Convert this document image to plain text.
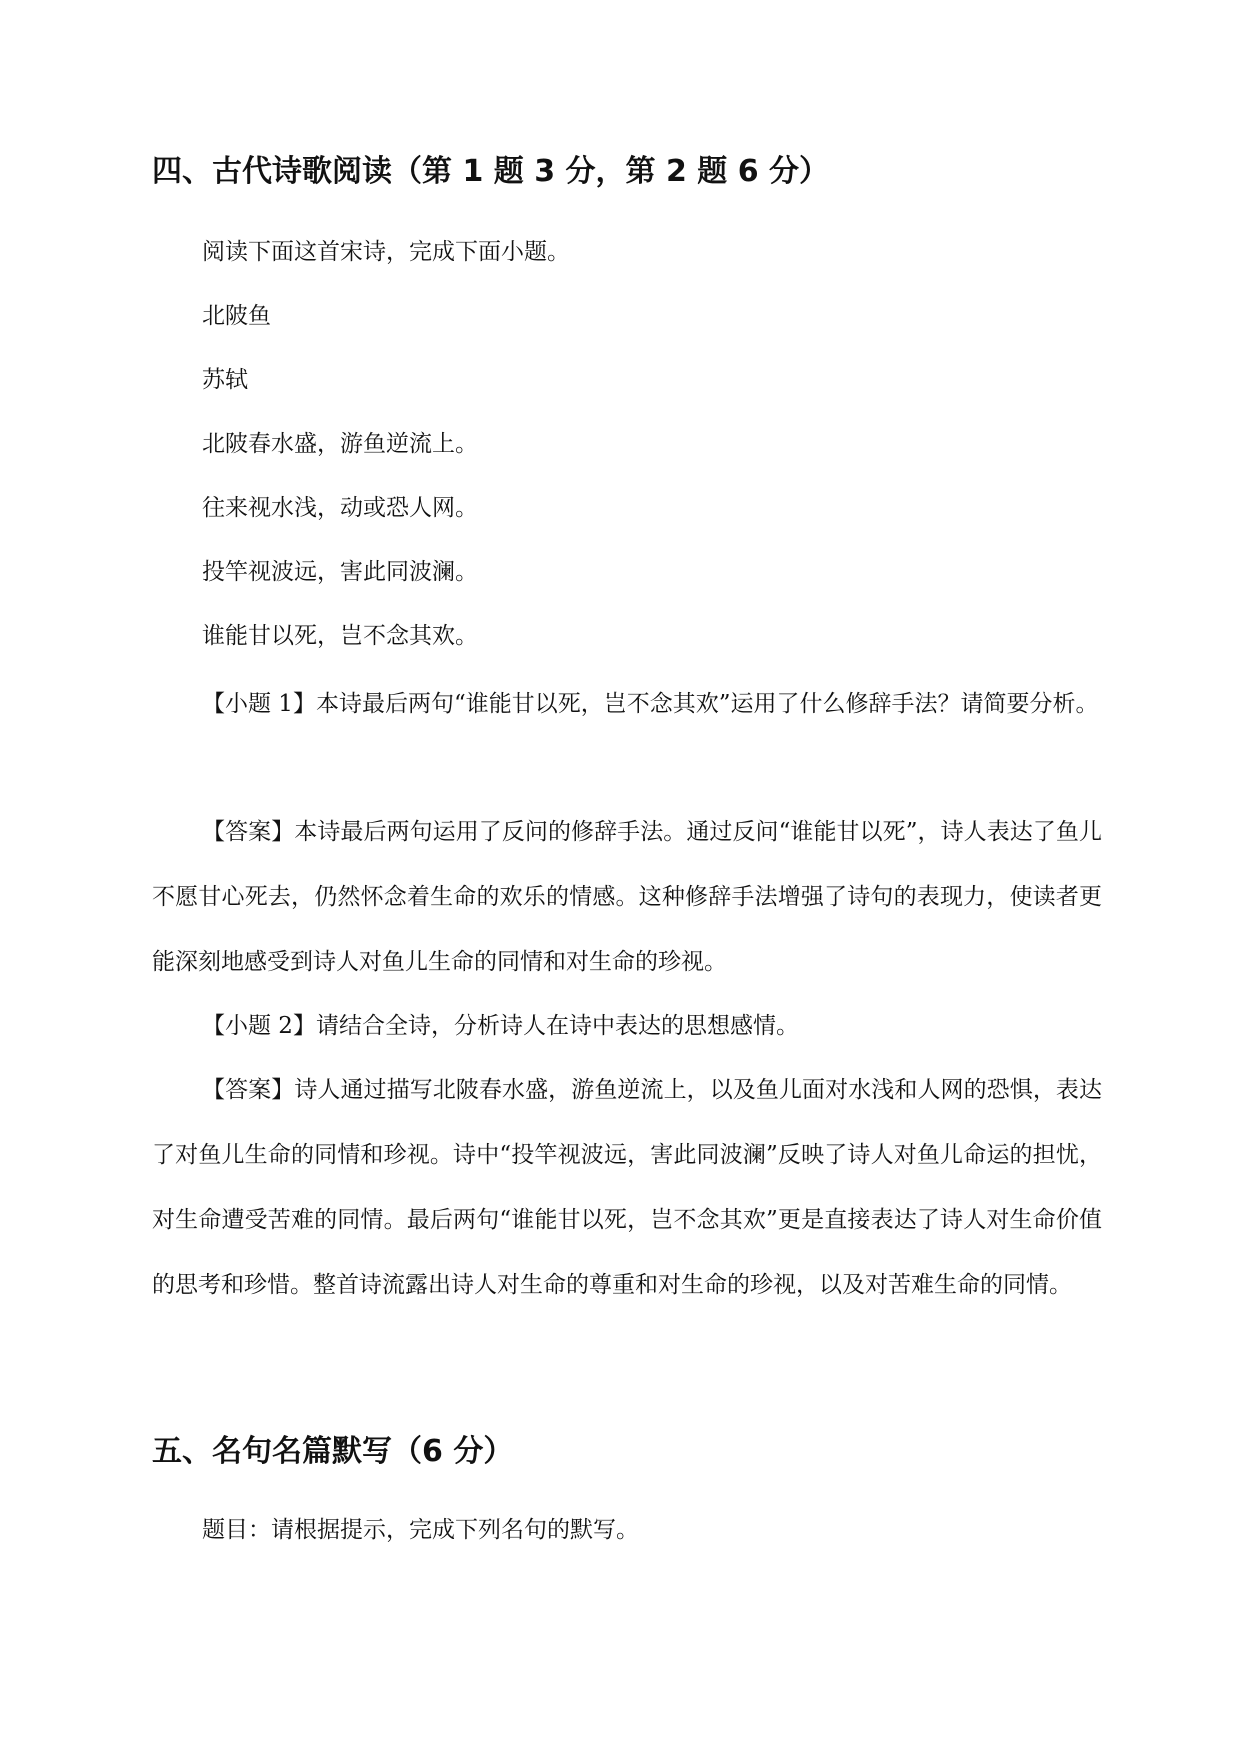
四、古代诗歌阅读（第 1 题 3 分，第 2 题 6 分）

阅读下面这首宋诗，完成下面小题。

北陂鱼

苏轼

北陂春水盛，游鱼逆流上。

往来视水浅，动或恐人网。

投竿视波远，害此同波澜。

谁能甘以死，岂不念其欢。

【小题 1】本诗最后两句“谁能甘以死，岂不念其欢”运用了什么修辞手法？请简要分析。

【答案】本诗最后两句运用了反问的修辞手法。通过反问“谁能甘以死”，诗人表达了鱼儿不愿甘心死去，仍然怀念着生命的欢乐的情感。这种修辞手法增强了诗句的表现力，使读者更能深刻地感受到诗人对鱼儿生命的同情和对生命的珍视。

【小题 2】请结合全诗，分析诗人在诗中表达的思想感情。

【答案】诗人通过描写北陂春水盛，游鱼逆流上，以及鱼儿面对水浅和人网的恐惧，表达了对鱼儿生命的同情和珍视。诗中“投竿视波远，害此同波澜”反映了诗人对鱼儿命运的担忧，对生命遭受苦难的同情。最后两句“谁能甘以死，岂不念其欢”更是直接表达了诗人对生命价值的思考和珍惜。整首诗流露出诗人对生命的尊重和对生命的珍视，以及对苦难生命的同情。

五、名句名篇默写（6 分）

题目：请根据提示，完成下列名句的默写。
